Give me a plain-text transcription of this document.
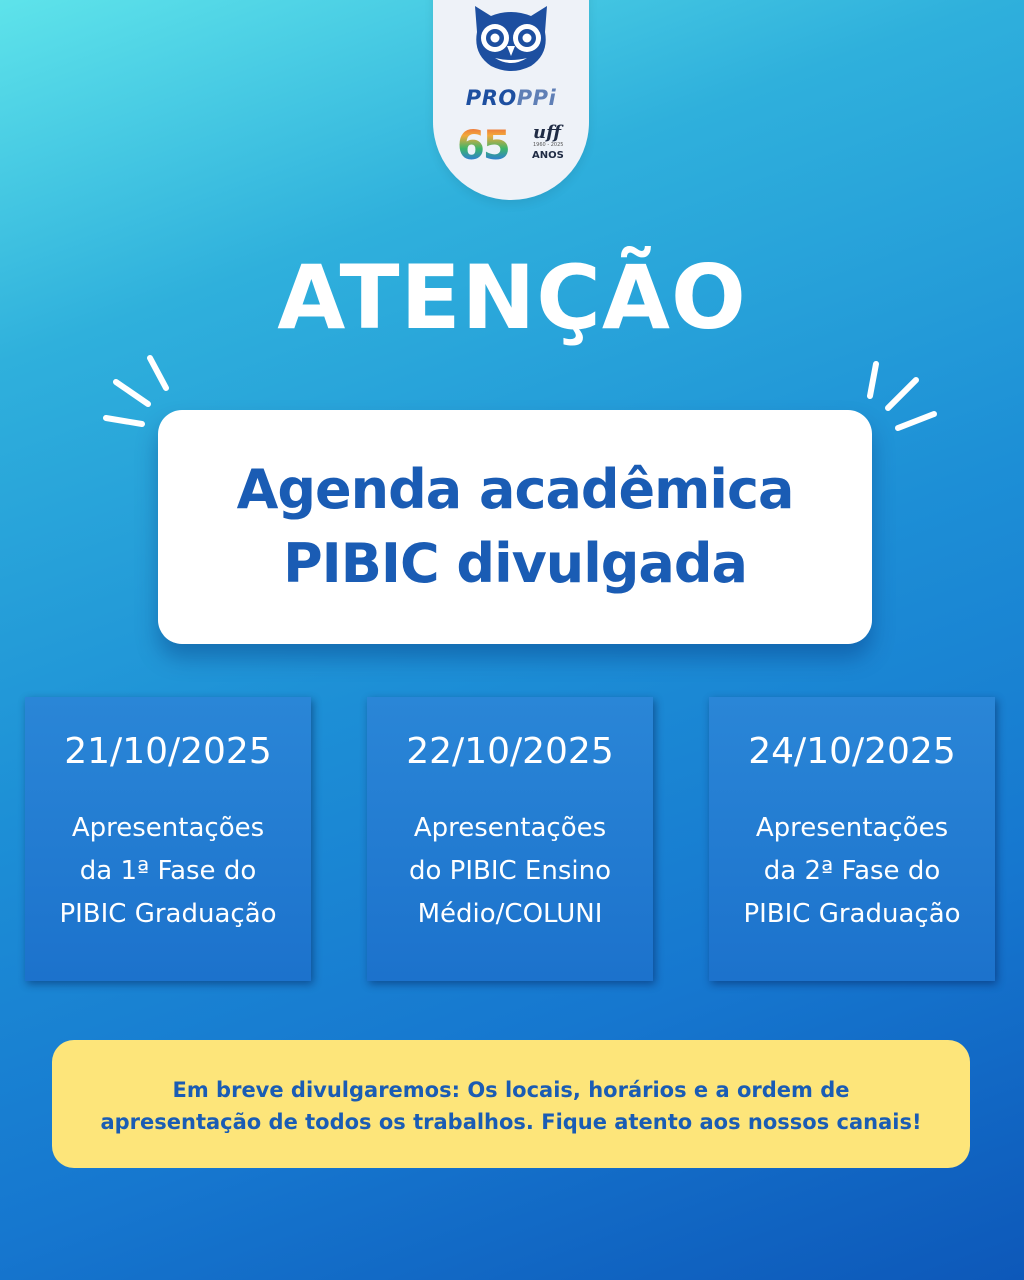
PROPPi
65 uff
1960 - 2025
ANOS
ATENÇÃO
Agenda acadêmica
PIBIC divulgada
21/10/2025
Apresentações
da 1ª Fase do
PIBIC Graduação
22/10/2025
Apresentações
do PIBIC Ensino
Médio/COLUNI
24/10/2025
Apresentações
da 2ª Fase do
PIBIC Graduação

Em breve divulgaremos: Os locais, horários e a ordem de

apresentação de todos os trabalhos. Fique atento aos nossos canais!
